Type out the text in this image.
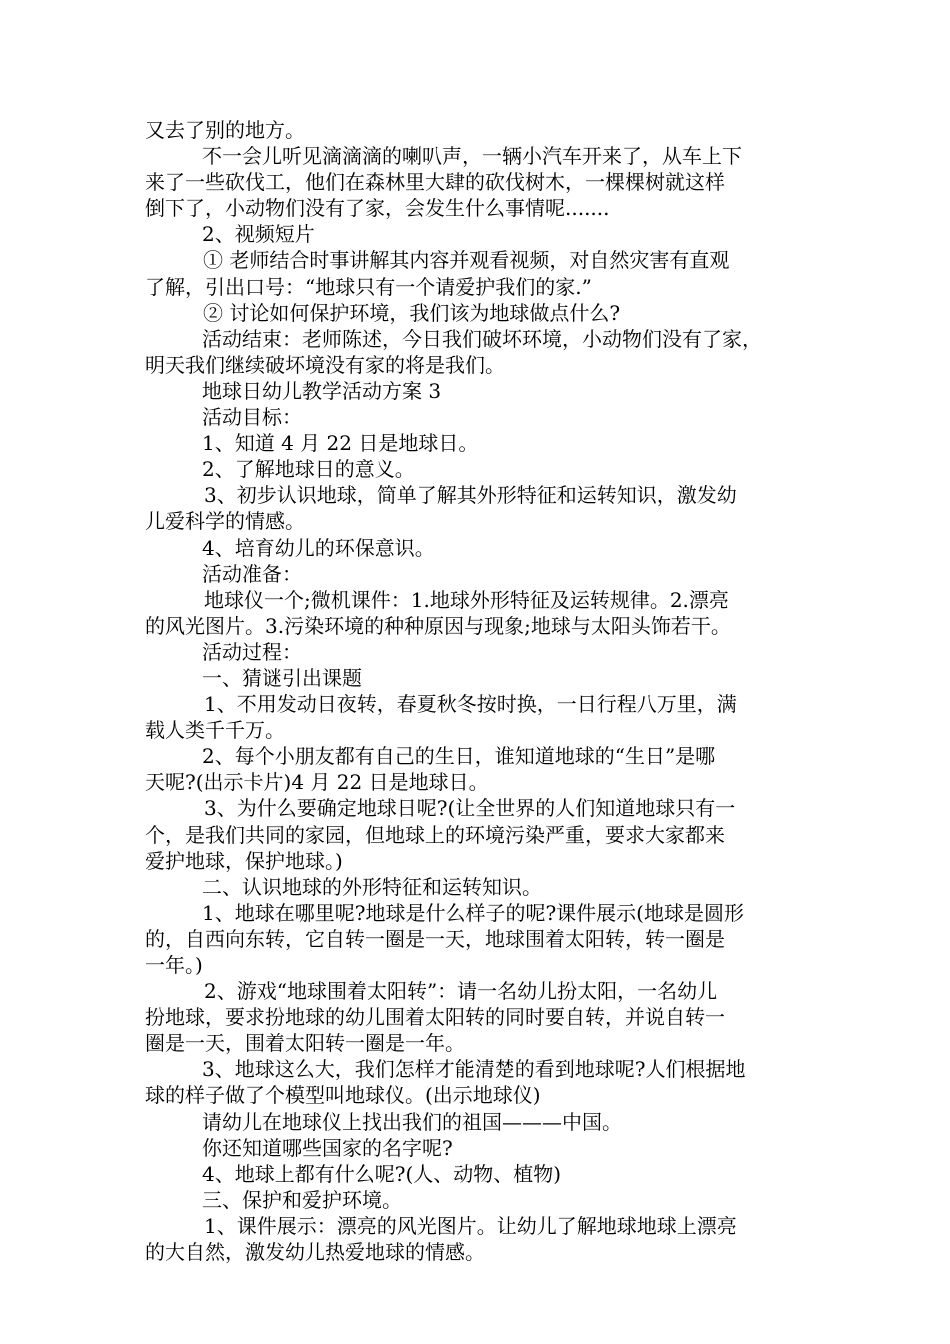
又去了别的地方。
不一会儿听见滴滴滴的喇叭声，一辆小汽车开来了，从车上下
来了一些砍伐工，他们在森林里大肆的砍伐树木，一棵棵树就这样
倒下了，小动物们没有了家，会发生什么事情呢.......
2、视频短片
① 老师结合时事讲解其内容并观看视频，对自然灾害有直观
了解，引出口号：“地球只有一个请爱护我们的家.”
② 讨论如何保护环境，我们该为地球做点什么?
活动结束：老师陈述，今日我们破坏环境，小动物们没有了家，
明天我们继续破坏境没有家的将是我们。
地球日幼儿教学活动方案 3
活动目标：
1、知道 4 月 22 日是地球日。
2、了解地球日的意义。
3、初步认识地球，简单了解其外形特征和运转知识，激发幼
儿爱科学的情感。
4、培育幼儿的环保意识。
活动准备：
地球仪一个;微机课件：1.地球外形特征及运转规律。2.漂亮
的风光图片。3.污染环境的种种原因与现象;地球与太阳头饰若干。
活动过程：
一、猜谜引出课题
1、不用发动日夜转，春夏秋冬按时换，一日行程八万里，满
载人类千千万。
2、每个小朋友都有自己的生日，谁知道地球的“生日”是哪
天呢?(出示卡片)4 月 22 日是地球日。
3、为什么要确定地球日呢?(让全世界的人们知道地球只有一
个，是我们共同的家园，但地球上的环境污染严重，要求大家都来
爱护地球，保护地球。)
二、认识地球的外形特征和运转知识。
1、地球在哪里呢?地球是什么样子的呢?课件展示(地球是圆形
的，自西向东转，它自转一圈是一天，地球围着太阳转，转一圈是
一年。)
2、游戏“地球围着太阳转”：请一名幼儿扮太阳，一名幼儿
扮地球，要求扮地球的幼儿围着太阳转的同时要自转，并说自转一
圈是一天，围着太阳转一圈是一年。
3、地球这么大，我们怎样才能清楚的看到地球呢?人们根据地
球的样子做了个模型叫地球仪。(出示地球仪)
请幼儿在地球仪上找出我们的祖国———中国。
你还知道哪些国家的名字呢?
4、地球上都有什么呢?(人、动物、植物)
三、保护和爱护环境。
1、课件展示：漂亮的风光图片。让幼儿了解地球地球上漂亮
的大自然，激发幼儿热爱地球的情感。
